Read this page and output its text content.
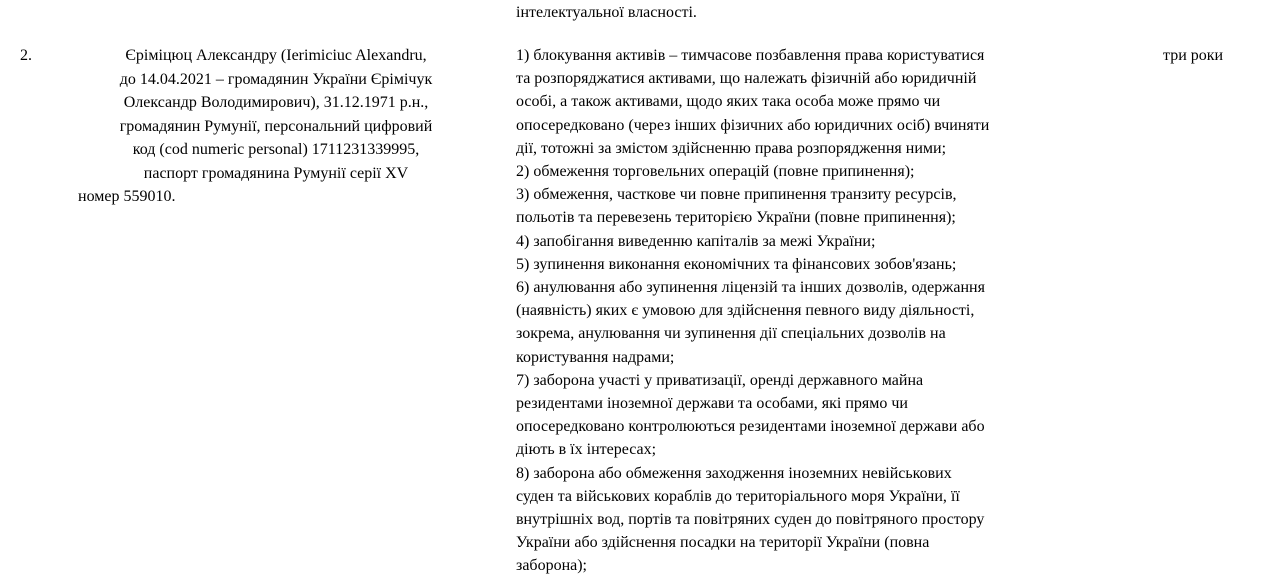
інтелектуальної власності.
2.	Єріміцюц Александру (Ierimiciuc Alexandru,
до 14.04.2021 – громадянин України Єрімічук
Олександр Володимирович), 31.12.1971 р.н.,
громадянин Румунії, персональний цифровий
код (cod numeric personal) 1711231339995,
паспорт громадянина Румунії серії XV
номер 559010.
1) блокування активів – тимчасове позбавлення права користуватися
та розпоряджатися активами, що належать фізичній або юридичній
особі, а також активами, щодо яких така особа може прямо чи
опосередковано (через інших фізичних або юридичних осіб) вчиняти
дії, тотожні за змістом здійсненню права розпорядження ними;
2) обмеження торговельних операцій (повне припинення);
3) обмеження, часткове чи повне припинення транзиту ресурсів,
польотів та перевезень територією України (повне припинення);
4) запобігання виведенню капіталів за межі України;
5) зупинення виконання економічних та фінансових зобов'язань;
6) анулювання або зупинення ліцензій та інших дозволів, одержання
(наявність) яких є умовою для здійснення певного виду діяльності,
зокрема, анулювання чи зупинення дії спеціальних дозволів на
користування надрами;
7) заборона участі у приватизації, оренді державного майна
резидентами іноземної держави та особами, які прямо чи
опосередковано контролюються резидентами іноземної держави або
діють в їх інтересах;
8) заборона або обмеження заходження іноземних невійськових
суден та військових кораблів до територіального моря України, її
внутрішніх вод, портів та повітряних суден до повітряного простору
України або здійснення посадки на території України (повна
заборона);
три роки
